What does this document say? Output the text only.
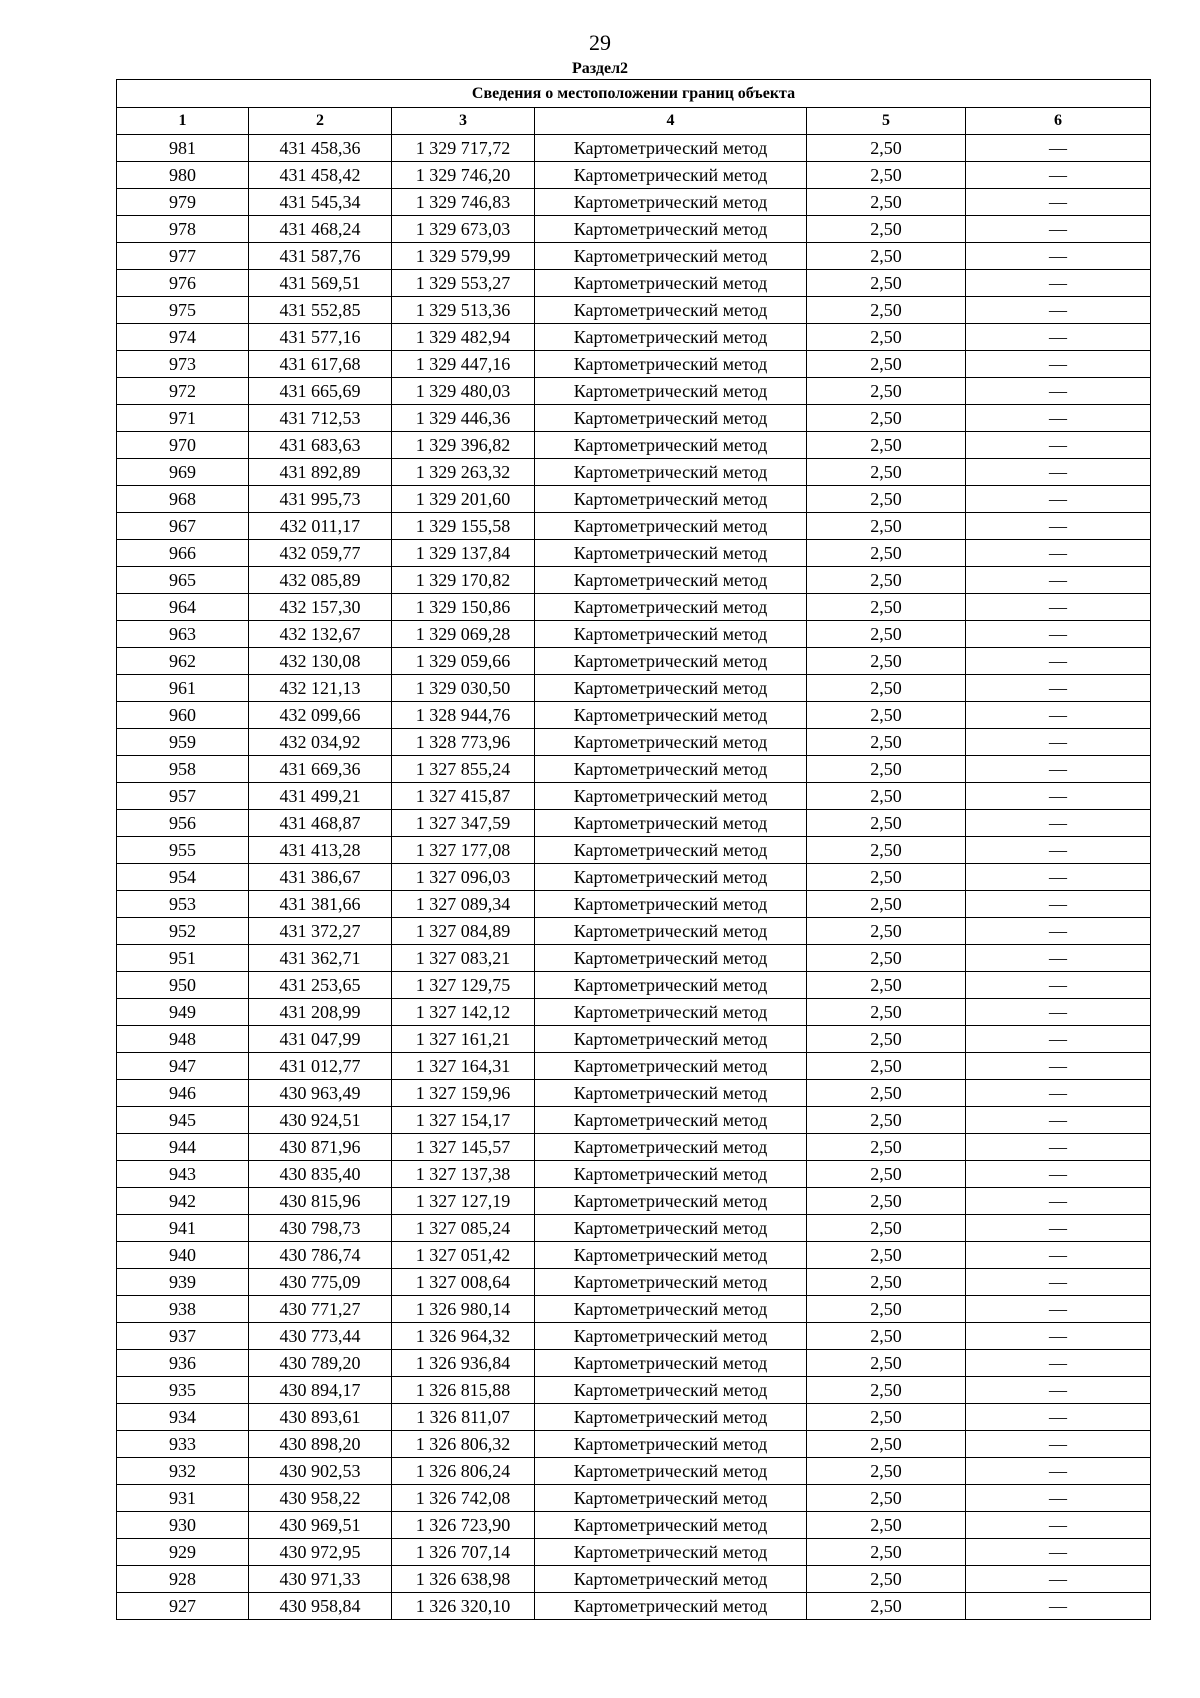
29
Раздел2
Сведения о местоположении границ объекта					
1	2	3	4	5	6
981	431 458,36	1 329 717,72	Картометрический метод	2,50	—
980	431 458,42	1 329 746,20	Картометрический метод	2,50	—
979	431 545,34	1 329 746,83	Картометрический метод	2,50	—
978	431 468,24	1 329 673,03	Картометрический метод	2,50	—
977	431 587,76	1 329 579,99	Картометрический метод	2,50	—
976	431 569,51	1 329 553,27	Картометрический метод	2,50	—
975	431 552,85	1 329 513,36	Картометрический метод	2,50	—
974	431 577,16	1 329 482,94	Картометрический метод	2,50	—
973	431 617,68	1 329 447,16	Картометрический метод	2,50	—
972	431 665,69	1 329 480,03	Картометрический метод	2,50	—
971	431 712,53	1 329 446,36	Картометрический метод	2,50	—
970	431 683,63	1 329 396,82	Картометрический метод	2,50	—
969	431 892,89	1 329 263,32	Картометрический метод	2,50	—
968	431 995,73	1 329 201,60	Картометрический метод	2,50	—
967	432 011,17	1 329 155,58	Картометрический метод	2,50	—
966	432 059,77	1 329 137,84	Картометрический метод	2,50	—
965	432 085,89	1 329 170,82	Картометрический метод	2,50	—
964	432 157,30	1 329 150,86	Картометрический метод	2,50	—
963	432 132,67	1 329 069,28	Картометрический метод	2,50	—
962	432 130,08	1 329 059,66	Картометрический метод	2,50	—
961	432 121,13	1 329 030,50	Картометрический метод	2,50	—
960	432 099,66	1 328 944,76	Картометрический метод	2,50	—
959	432 034,92	1 328 773,96	Картометрический метод	2,50	—
958	431 669,36	1 327 855,24	Картометрический метод	2,50	—
957	431 499,21	1 327 415,87	Картометрический метод	2,50	—
956	431 468,87	1 327 347,59	Картометрический метод	2,50	—
955	431 413,28	1 327 177,08	Картометрический метод	2,50	—
954	431 386,67	1 327 096,03	Картометрический метод	2,50	—
953	431 381,66	1 327 089,34	Картометрический метод	2,50	—
952	431 372,27	1 327 084,89	Картометрический метод	2,50	—
951	431 362,71	1 327 083,21	Картометрический метод	2,50	—
950	431 253,65	1 327 129,75	Картометрический метод	2,50	—
949	431 208,99	1 327 142,12	Картометрический метод	2,50	—
948	431 047,99	1 327 161,21	Картометрический метод	2,50	—
947	431 012,77	1 327 164,31	Картометрический метод	2,50	—
946	430 963,49	1 327 159,96	Картометрический метод	2,50	—
945	430 924,51	1 327 154,17	Картометрический метод	2,50	—
944	430 871,96	1 327 145,57	Картометрический метод	2,50	—
943	430 835,40	1 327 137,38	Картометрический метод	2,50	—
942	430 815,96	1 327 127,19	Картометрический метод	2,50	—
941	430 798,73	1 327 085,24	Картометрический метод	2,50	—
940	430 786,74	1 327 051,42	Картометрический метод	2,50	—
939	430 775,09	1 327 008,64	Картометрический метод	2,50	—
938	430 771,27	1 326 980,14	Картометрический метод	2,50	—
937	430 773,44	1 326 964,32	Картометрический метод	2,50	—
936	430 789,20	1 326 936,84	Картометрический метод	2,50	—
935	430 894,17	1 326 815,88	Картометрический метод	2,50	—
934	430 893,61	1 326 811,07	Картометрический метод	2,50	—
933	430 898,20	1 326 806,32	Картометрический метод	2,50	—
932	430 902,53	1 326 806,24	Картометрический метод	2,50	—
931	430 958,22	1 326 742,08	Картометрический метод	2,50	—
930	430 969,51	1 326 723,90	Картометрический метод	2,50	—
929	430 972,95	1 326 707,14	Картометрический метод	2,50	—
928	430 971,33	1 326 638,98	Картометрический метод	2,50	—
927	430 958,84	1 326 320,10	Картометрический метод	2,50	—
